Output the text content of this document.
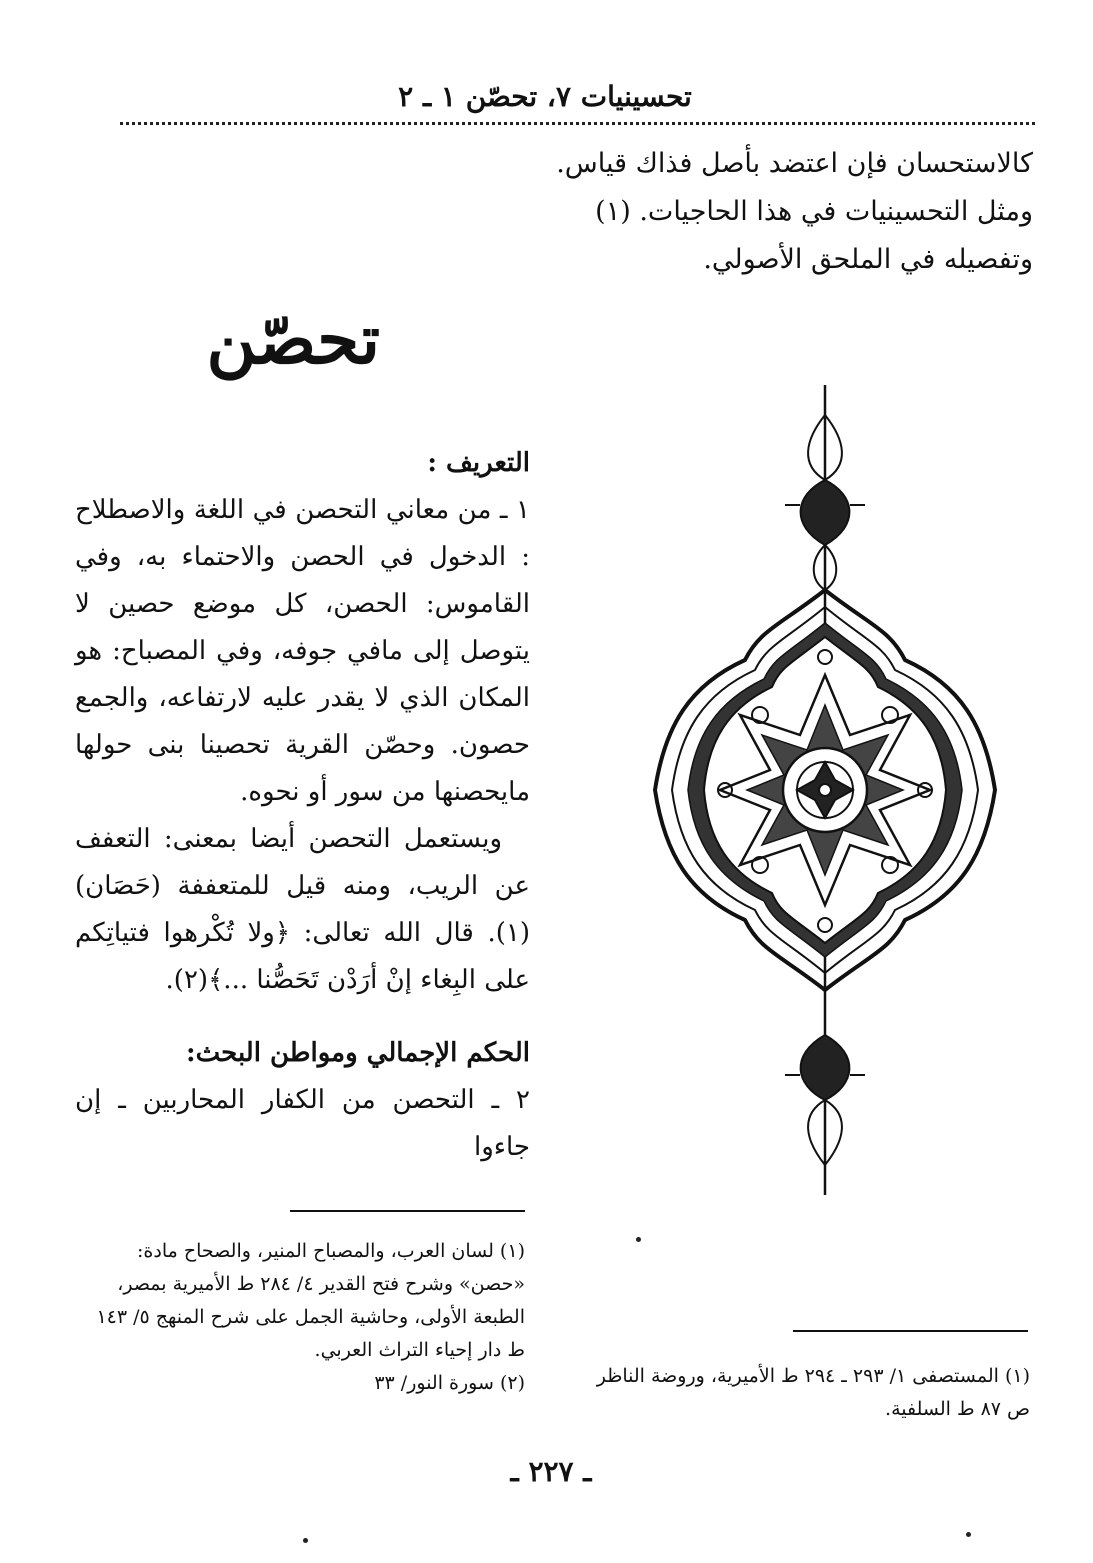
تحسينيات ٧، تحصّن ١ ـ ٢
كالاستحسان فإن اعتضد بأصل فذاك قياس.
ومثل التحسينيات في هذا الحاجيات. (١)
وتفصيله في الملحق الأصولي.
تحصّن
التعريف :
١ ـ من معاني التحصن في اللغة والاصطلاح : الدخول في الحصن والاحتماء به، وفي القاموس: الحصن، كل موضع حصين لا يتوصل إلى مافي جوفه، وفي المصباح: هو المكان الذي لا يقدر عليه لارتفاعه، والجمع حصون. وحصّن القرية تحصينا بنى حولها مايحصنها من سور أو نحوه.
ويستعمل التحصن أيضا بمعنى: التعفف عن الريب، ومنه قيل للمتعففة (حَصَان)(١). قال الله تعالى: ﴿ولا تُكْرهوا فتياتِكم على البِغاء إنْ أرَدْن تَحَصُّنا ...﴾(٢).
الحكم الإجمالي ومواطن البحث:
٢ ـ التحصن من الكفار المحاربين ـ إن جاءوا
(١) لسان العرب، والمصباح المنير، والصحاح مادة: «حصن» وشرح فتح القدير ٤/ ٢٨٤ ط الأميرية بمصر، الطبعة الأولى، وحاشية الجمل على شرح المنهج ٥/ ١٤٣ ط دار إحياء التراث العربي.
(٢) سورة النور/ ٣٣	(١) المستصفى ١/ ٢٩٣ ـ ٢٩٤ ط الأميرية، وروضة الناظر ص ٨٧ ط السلفية.
ـ ٢٢٧ ـ
